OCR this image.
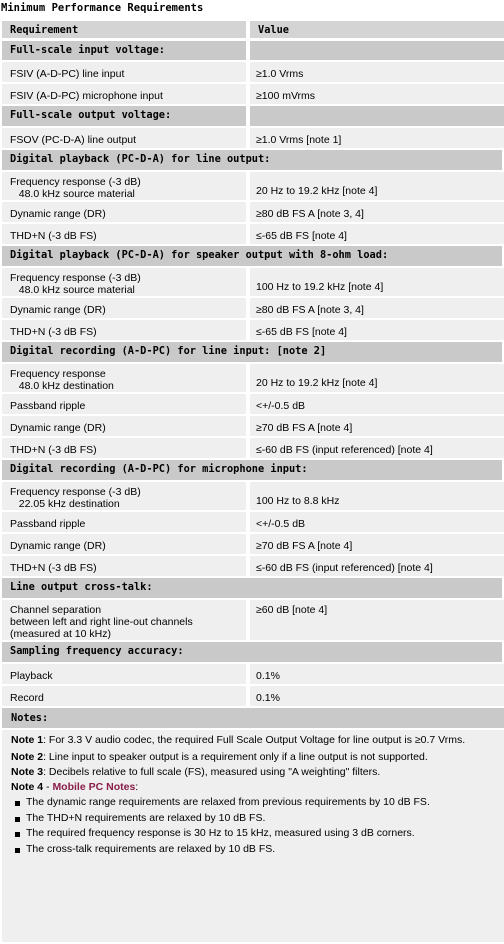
Minimum Performance Requirements
Requirement	Value
Full-scale input voltage:	

FSIV (A-D-PC) line input	≥1.0 Vrms

FSIV (A-D-PC) microphone input	≥100 mVrms

Full-scale output voltage:	

FSOV (PC-D-A) line output	≥1.0 Vrms [note 1]

Digital playback (PC-D-A) for line output:	

Frequency response (-3 dB)
48.0 kHz source material	20 Hz to 19.2 kHz [note 4]

Dynamic range (DR)	≥80 dB FS A [note 3, 4]

THD+N (-3 dB FS)	≤-65 dB FS [note 4]

Digital playback (PC-D-A) for speaker output with 8-ohm load:	

Frequency response (-3 dB)
48.0 kHz source material	100 Hz to 19.2 kHz [note 4]

Dynamic range (DR)	≥80 dB FS A [note 3, 4]

THD+N (-3 dB FS)	≤-65 dB FS [note 4]

Digital recording (A-D-PC) for line input: [note 2]	

Frequency response
48.0 kHz destination	20 Hz to 19.2 kHz [note 4]

Passband ripple	<+/-0.5 dB

Dynamic range (DR)	≥70 dB FS A [note 4]

THD+N (-3 dB FS)	≤-60 dB FS (input referenced) [note 4]

Digital recording (A-D-PC) for microphone input:	

Frequency response (-3 dB)
22.05 kHz destination	100 Hz to 8.8 kHz

Passband ripple	<+/-0.5 dB

Dynamic range (DR)	≥70 dB FS A [note 4]

THD+N (-3 dB FS)	≤-60 dB FS (input referenced) [note 4]

Line output cross-talk:	

Channel separation
between left and right line-out channels
(measured at 10 kHz)	≥60 dB [note 4]

Sampling frequency accuracy:	

Playback	0.1%

Record	0.1%
Notes:
Note 1: For 3.3 V audio codec, the required Full Scale Output Voltage for line output is ≥0.7 Vrms.
Note 2: Line input to speaker output is a requirement only if a line output is not supported.
Note 3: Decibels relative to full scale (FS), measured using "A weighting" filters.
Note 4 - Mobile PC Notes:
The dynamic range requirements are relaxed from previous requirements by 10 dB FS.
The THD+N requirements are relaxed by 10 dB FS.
The required frequency response is 30 Hz to 15 kHz, measured using 3 dB corners.
The cross-talk requirements are relaxed by 10 dB FS.
